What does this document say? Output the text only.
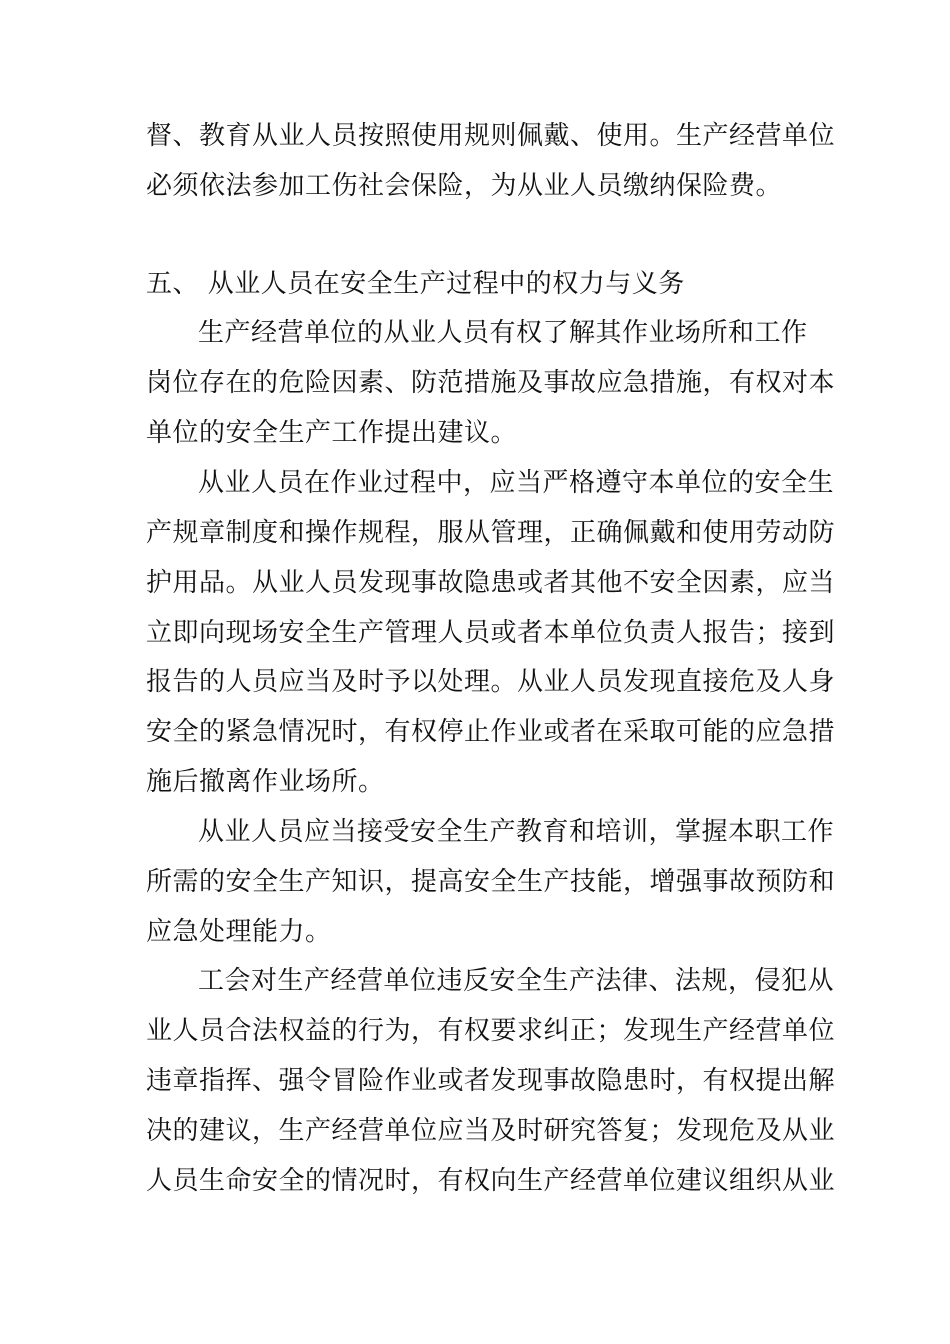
督、教育从业人员按照使用规则佩戴、使用。生产经营单位
必须依法参加工伤社会保险，为从业人员缴纳保险费。
五、 从业人员在安全生产过程中的权力与义务
生产经营单位的从业人员有权了解其作业场所和工作
岗位存在的危险因素、防范措施及事故应急措施，有权对本
单位的安全生产工作提出建议。
从业人员在作业过程中，应当严格遵守本单位的安全生
产规章制度和操作规程，服从管理，正确佩戴和使用劳动防
护用品。从业人员发现事故隐患或者其他不安全因素，应当
立即向现场安全生产管理人员或者本单位负责人报告；接到
报告的人员应当及时予以处理。从业人员发现直接危及人身
安全的紧急情况时，有权停止作业或者在采取可能的应急措
施后撤离作业场所。
从业人员应当接受安全生产教育和培训，掌握本职工作
所需的安全生产知识，提高安全生产技能，增强事故预防和
应急处理能力。
工会对生产经营单位违反安全生产法律、法规，侵犯从
业人员合法权益的行为，有权要求纠正；发现生产经营单位
违章指挥、强令冒险作业或者发现事故隐患时，有权提出解
决的建议，生产经营单位应当及时研究答复；发现危及从业
人员生命安全的情况时，有权向生产经营单位建议组织从业
